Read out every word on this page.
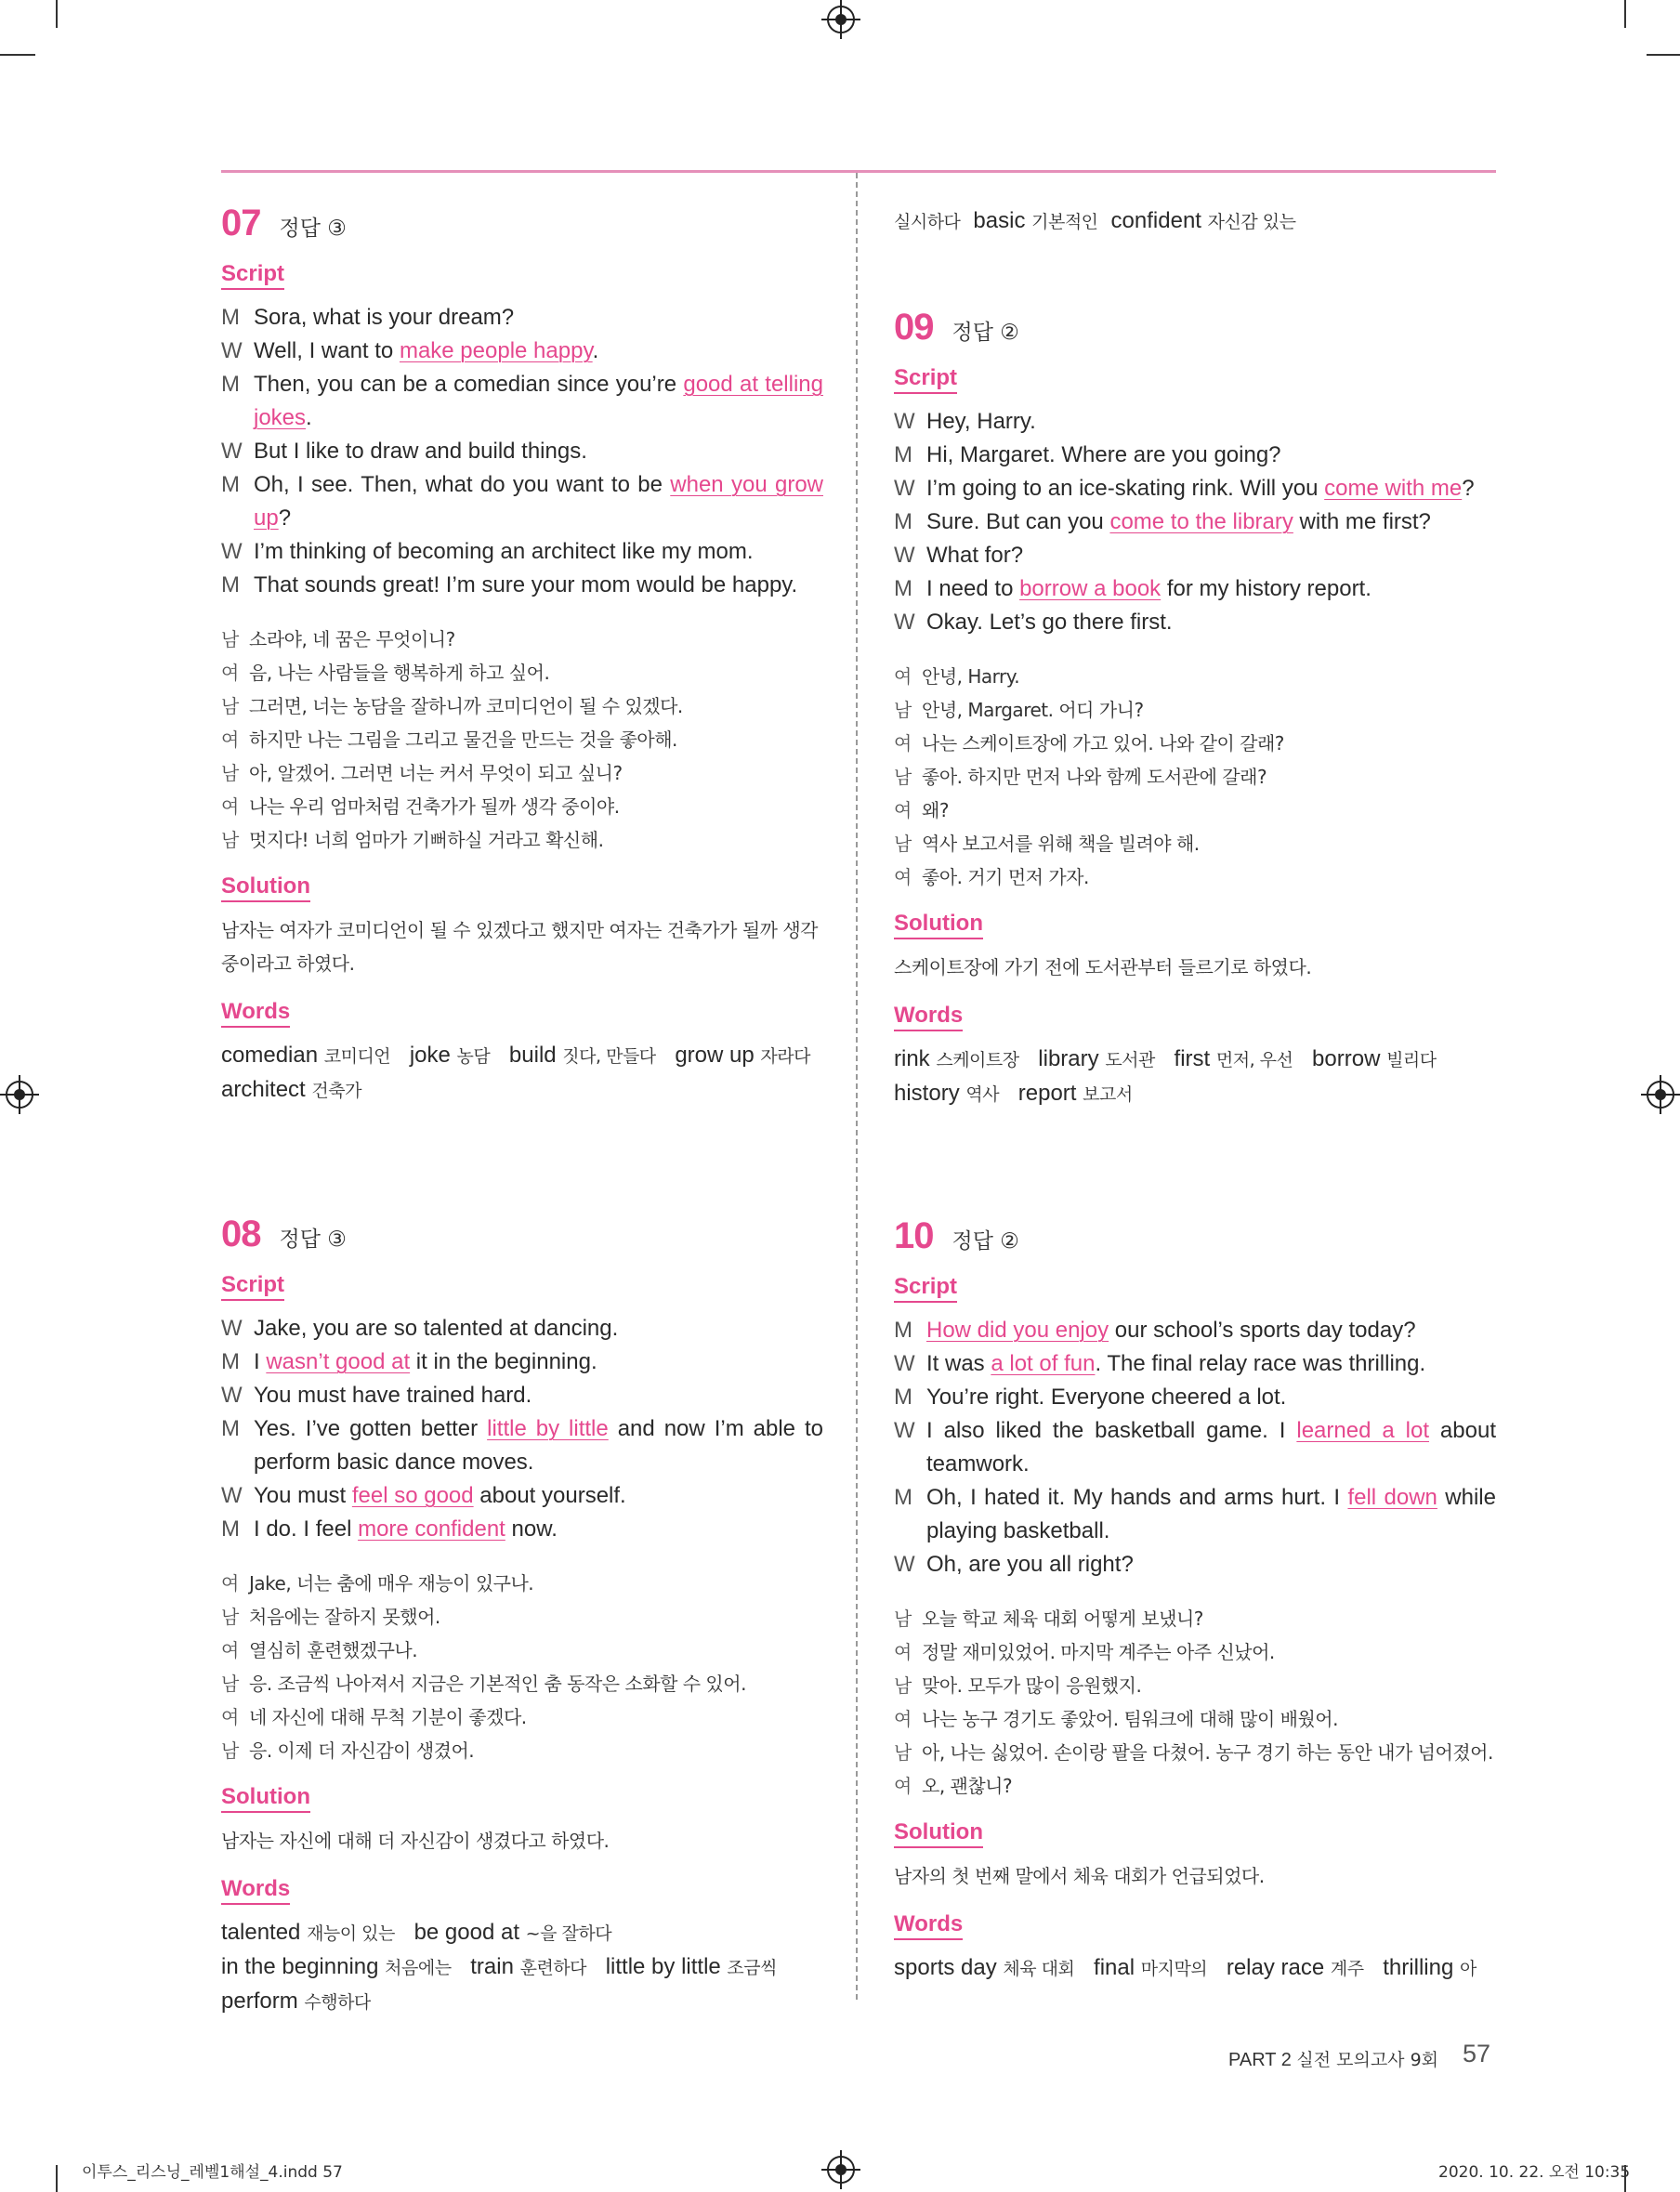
07 정답 ③
Script
M Sora, what is your dream?
W Well, I want to make people happy.
M Then, you can be a comedian since you’re good at telling jokes.
W But I like to draw and build things.
M Oh, I see. Then, what do you want to be when you grow up?
W I’m thinking of becoming an architect like my mom.
M That sounds great! I’m sure your mom would be happy.
남 소라야, 네 꿈은 무엇이니?
여 음, 나는 사람들을 행복하게 하고 싶어.
남 그러면, 너는 농담을 잘하니까 코미디언이 될 수 있겠다.
여 하지만 나는 그림을 그리고 물건을 만드는 것을 좋아해.
남 아, 알겠어. 그러면 너는 커서 무엇이 되고 싶니?
여 나는 우리 엄마처럼 건축가가 될까 생각 중이야.
남 멋지다! 너희 엄마가 기뻐하실 거라고 확신해.
Solution
남자는 여자가 코미디언이 될 수 있겠다고 했지만 여자는 건축가가 될까 생각 중이라고 하였다.
Words
comedian 코미디언 joke 농담 build 짓다, 만들다 grow up 자라다 architect 건축가
08 정답 ③
Script
W Jake, you are so talented at dancing.
M I wasn’t good at it in the beginning.
W You must have trained hard.
M Yes. I’ve gotten better little by little and now I’m able to perform basic dance moves.
W You must feel so good about yourself.
M I do. I feel more confident now.
여 Jake, 너는 춤에 매우 재능이 있구나.
남 처음에는 잘하지 못했어.
여 열심히 훈련했겠구나.
남 응. 조금씩 나아져서 지금은 기본적인 춤 동작은 소화할 수 있어.
여 네 자신에 대해 무척 기분이 좋겠다.
남 응. 이제 더 자신감이 생겼어.
Solution
남자는 자신에 대해 더 자신감이 생겼다고 하였다.
Words
talented 재능이 있는 be good at ~을 잘하다 in the beginning 처음에는 train 훈련하다 little by little 조금씩 perform 수행하다
실시하다 basic 기본적인 confident 자신감 있는
09 정답 ②
Script
W Hey, Harry.
M Hi, Margaret. Where are you going?
W I’m going to an ice-skating rink. Will you come with me?
M Sure. But can you come to the library with me first?
W What for?
M I need to borrow a book for my history report.
W Okay. Let’s go there first.
여 안녕, Harry.
남 안녕, Margaret. 어디 가니?
여 나는 스케이트장에 가고 있어. 나와 같이 갈래?
남 좋아. 하지만 먼저 나와 함께 도서관에 갈래?
여 왜?
남 역사 보고서를 위해 책을 빌려야 해.
여 좋아. 거기 먼저 가자.
Solution
스케이트장에 가기 전에 도서관부터 들르기로 하였다.
Words
rink 스케이트장 library 도서관 first 먼저, 우선 borrow 빌리다 history 역사 report 보고서
10 정답 ②
Script
M How did you enjoy our school’s sports day today?
W It was a lot of fun. The final relay race was thrilling.
M You’re right. Everyone cheered a lot.
W I also liked the basketball game. I learned a lot about teamwork.
M Oh, I hated it. My hands and arms hurt. I fell down while playing basketball.
W Oh, are you all right?
남 오늘 학교 체육 대회 어떻게 보냈니?
여 정말 재미있었어. 마지막 계주는 아주 신났어.
남 맞아. 모두가 많이 응원했지.
여 나는 농구 경기도 좋았어. 팀워크에 대해 많이 배웠어.
남 아, 나는 싫었어. 손이랑 팔을 다쳤어. 농구 경기 하는 동안 내가 넘어졌어.
여 오, 괜찮니?
Solution
남자의 첫 번째 말에서 체육 대회가 언급되었다.
Words
sports day 체육 대회 final 마지막의 relay race 계주 thrilling 아
PART 2 실전 모의고사 9회 57
이투스_리스닝_레벨1해설_4.indd 57	2020. 10. 22. 오전 10:35
